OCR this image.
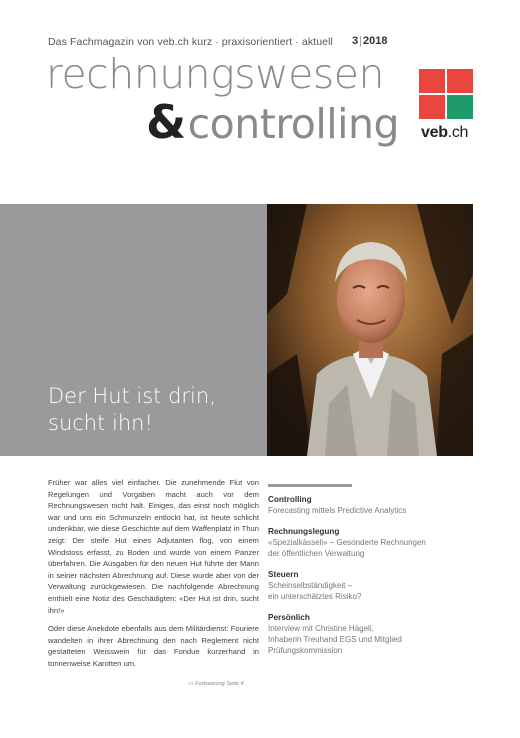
Das Fachmagazin von veb.ch kurz · praxisorientiert · aktuell 3|2018
rechnungswesen
&controlling veb.ch
Der Hut ist drin,
sucht ihn!

Früher war alles viel einfacher. Die zunehmende Flut von Regelungen und Vorgaben macht auch vor dem Rechnungswesen nicht halt. Einiges, das einst noch möglich war und uns ein Schmunzeln entlockt hat, ist heute schlicht undenkbar, wie diese Geschichte auf dem Waffenplatz in Thun zeigt: Der steife Hut eines Adjutanten flog, von einem Windstoss erfasst, zu Boden und wurde von einem Panzer überfahren. Die Ausgaben für den neuen Hut führte der Mann in seiner nächsten Abrechnung auf. Diese wurde aber von der Verwaltung zurückgewiesen. Die nachfolgende Abrechnung enthielt eine Notiz des Geschädigten: «Der Hut ist drin, sucht ihn!»

Oder diese Anekdote ebenfalls aus dem Militärdienst: Fouriere wandelten in ihrer Abrechnung den nach Reglement nicht gestatteten Weisswein für das Fondue kurzerhand in tonnenweise Karotten um.

››› Fortsetzung Seite 4
Controlling
Forecasting mittels Predictive Analytics
Rechnungslegung
«Spezialkässeli» – Gesonderte Rechnungen
der öffentlichen Verwaltung
Steuern
Scheinselbständigkeit –
ein unterschätztes Risiko?
Persönlich
Interview mit Christine Hägeli,
Inhaberin Treuhand EGS und Mitglied
Prüfungskommission
